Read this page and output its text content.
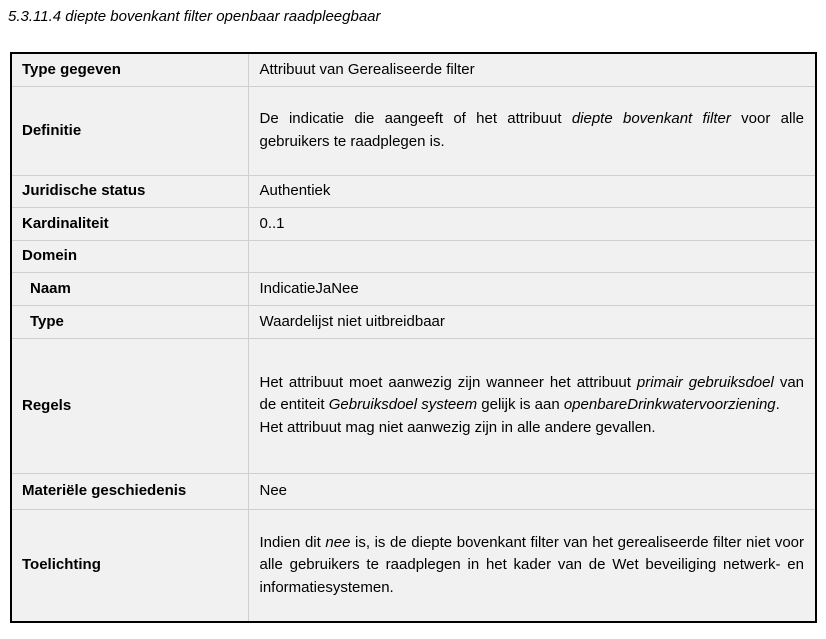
5.3.11.4 diepte bovenkant filter openbaar raadpleegbaar
Type gegeven	Attribuut van Gerealiseerde filter
Definitie	De indicatie die aangeeft of het attribuut diepte bovenkant filter voor alle gebruikers te raadplegen is.

Juridische status	Authentiek
Kardinaliteit	0..1
Domein	
Naam	IndicatieJaNee
Type	Waardelijst niet uitbreidbaar
Regels	Het attribuut moet aanwezig zijn wanneer het attribuut primair gebruiksdoel van de entiteit Gebruiksdoel systeem gelijk is aan openbareDrinkwatervoorziening.

Het attribuut mag niet aanwezig zijn in alle andere gevallen.

Materiële geschiedenis	Nee
Toelichting	Indien dit nee is, is de diepte bovenkant filter van het gerealiseerde filter niet voor alle gebruikers te raadplegen in het kader van de Wet beveiliging netwerk- en informatiesystemen.
